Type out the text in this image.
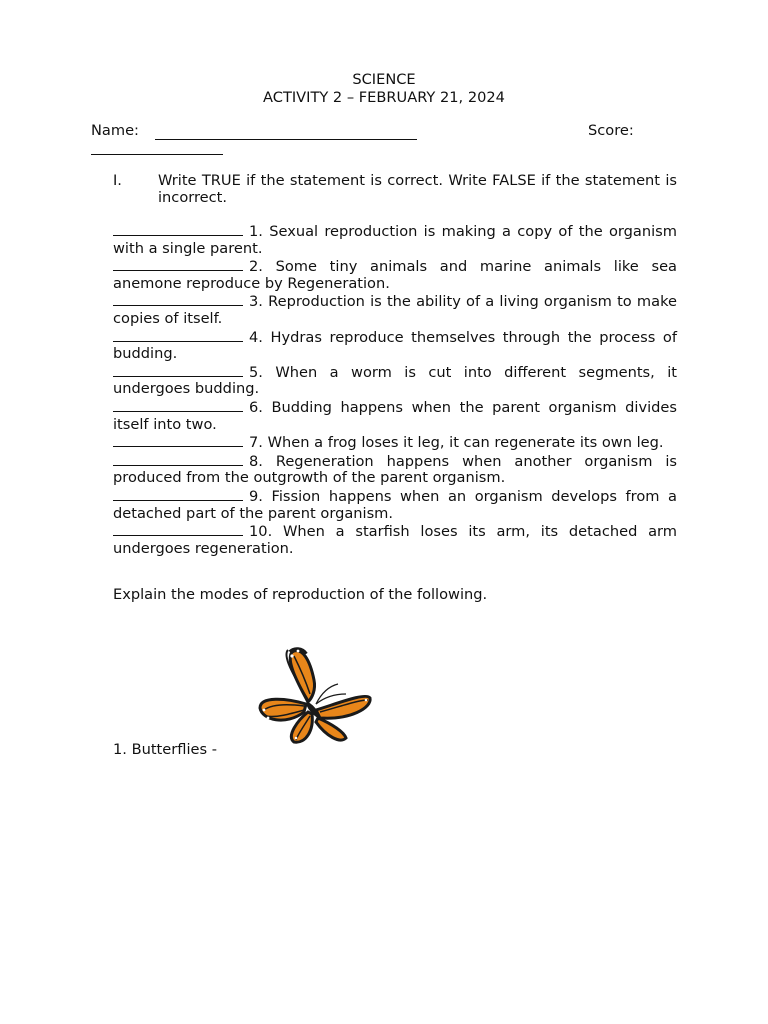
SCIENCE
ACTIVITY 2 – FEBRUARY 21, 2024
Name:	Score:
I. Write TRUE if the statement is correct. Write FALSE if the statement is incorrect.
1. Sexual reproduction is making a copy of the organism with a single parent.
2. Some tiny animals and marine animals like sea anemone reproduce by Regeneration.
3. Reproduction is the ability of a living organism to make copies of itself.
4. Hydras reproduce themselves through the process of budding.
5. When a worm is cut into different segments, it undergoes budding.
6. Budding happens when the parent organism divides itself into two.
7. When a frog loses it leg, it can regenerate its own leg.
8. Regeneration happens when another organism is produced from the outgrowth of the parent organism.
9. Fission happens when an organism develops from a detached part of the parent organism.
10. When a starfish loses its arm, its detached arm undergoes regeneration.
Explain the modes of reproduction of the following.
1. Butterflies -
